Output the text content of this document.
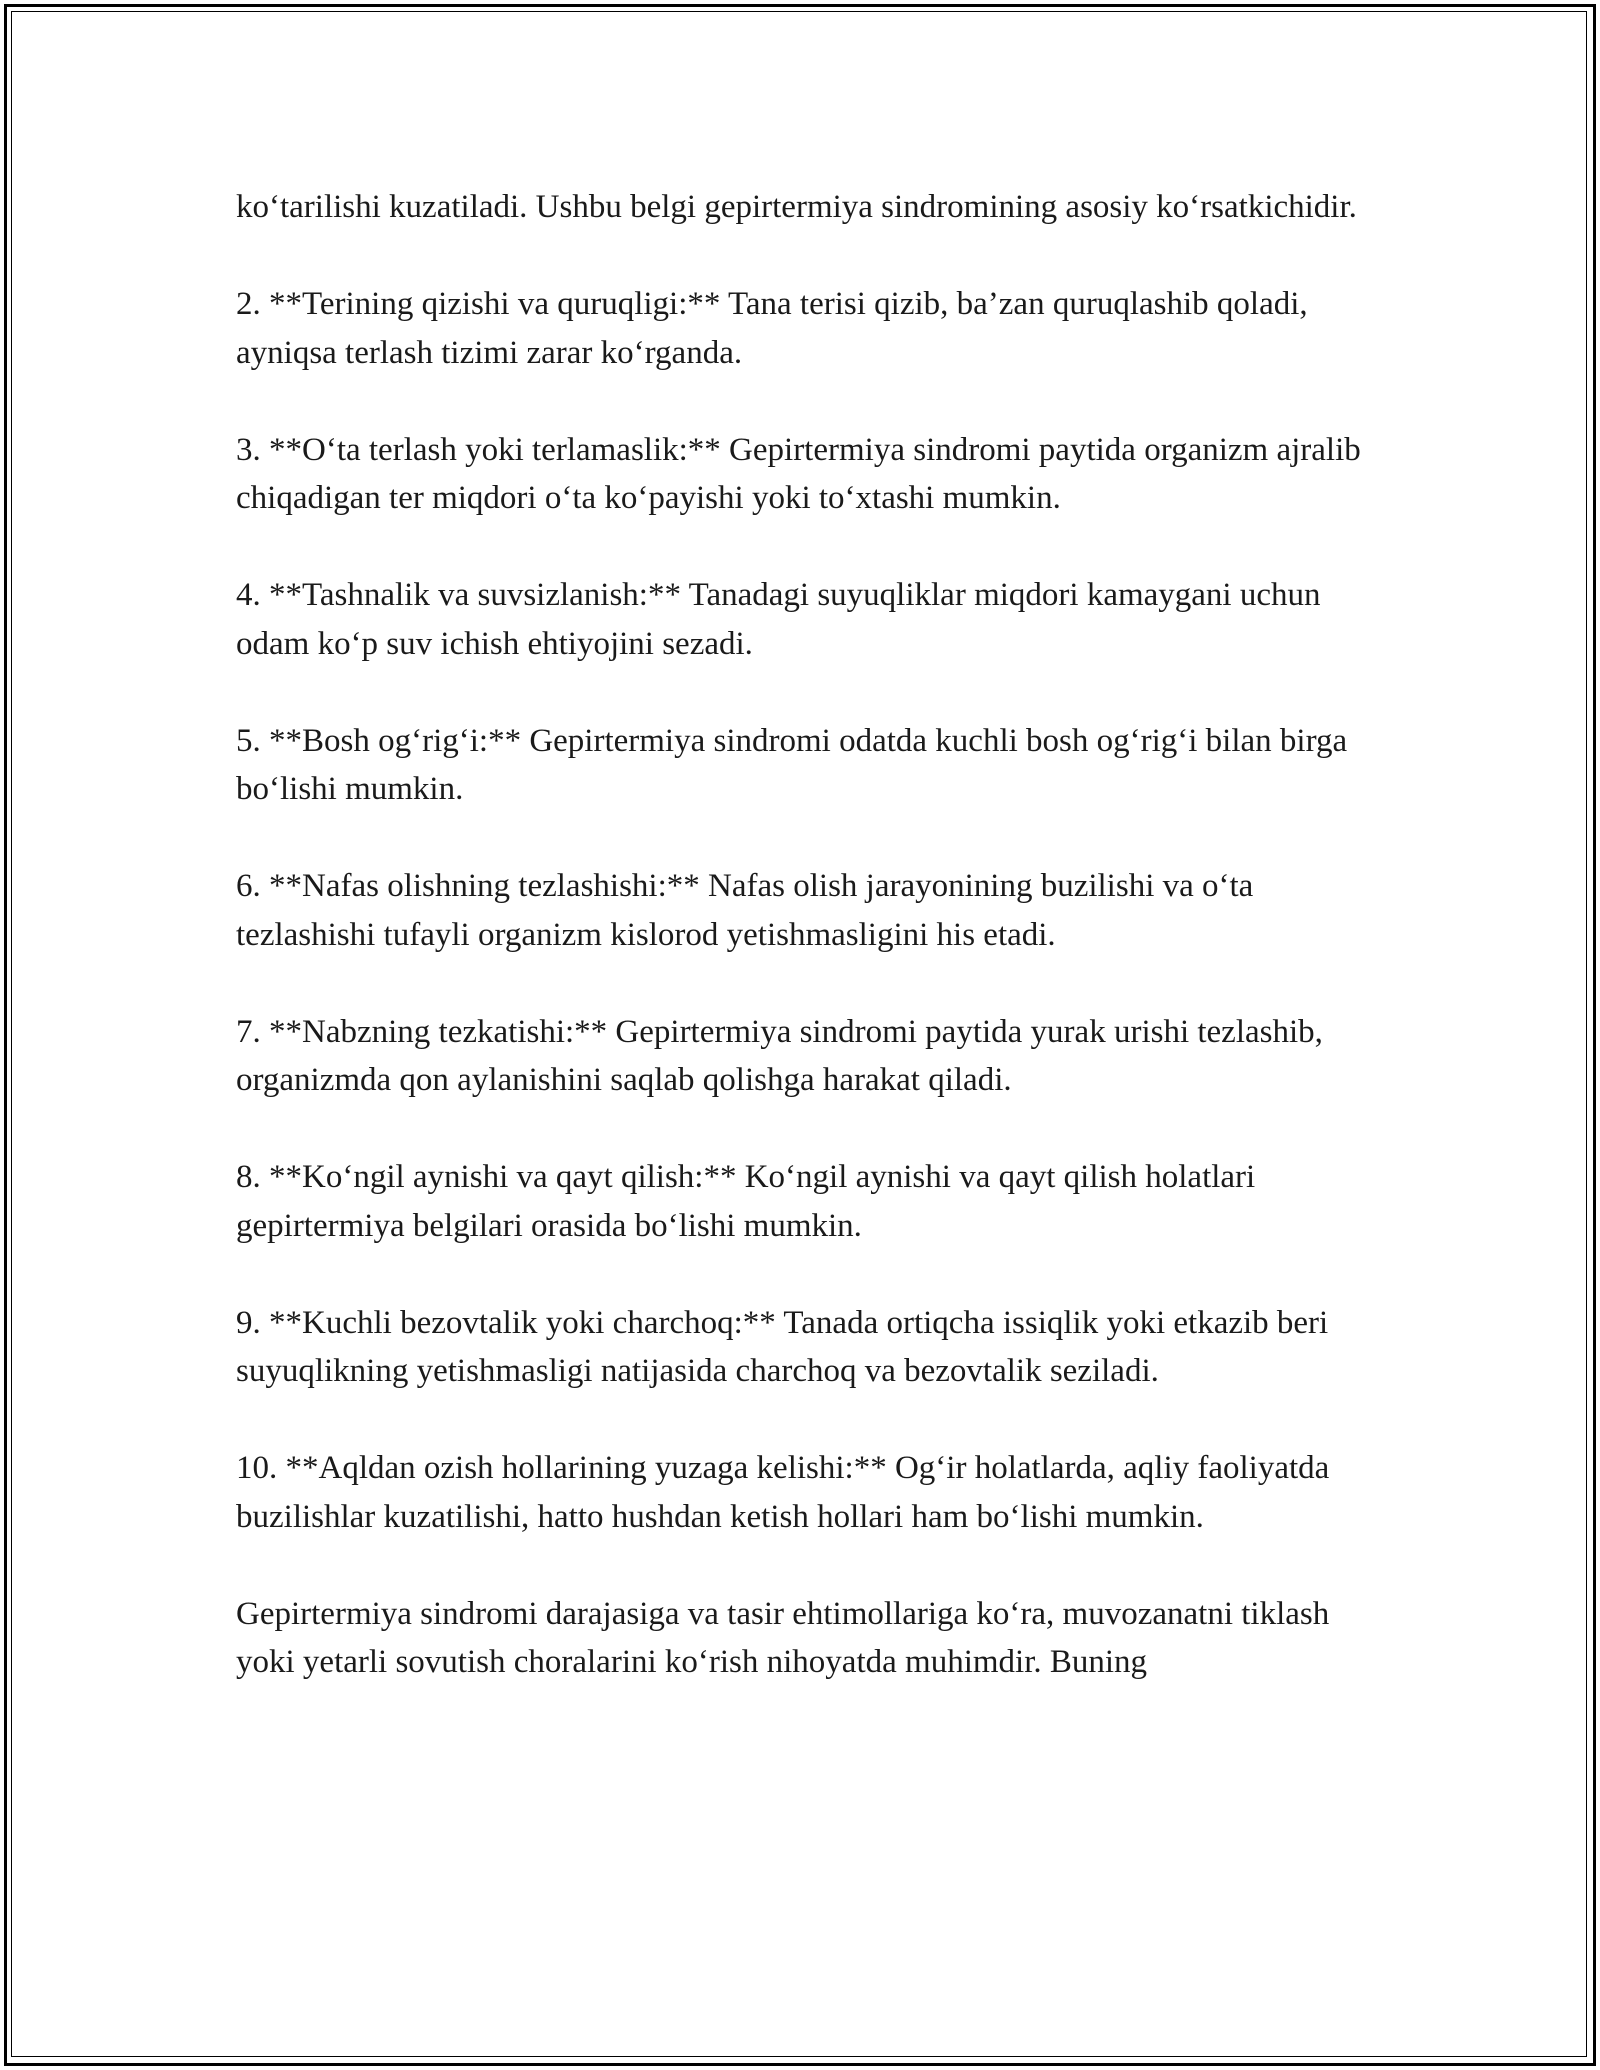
ko‘tarilishi kuzatiladi. Ushbu belgi gepirtermiya sindromining asosiy ko‘rsatkichidir.

2. **Terining qizishi va quruqligi:** Tana terisi qizib, ba’zan quruqlashib qoladi, ayniqsa terlash tizimi zarar ko‘rganda.

3. **O‘ta terlash yoki terlamaslik:** Gepirtermiya sindromi paytida organizm ajralib chiqadigan ter miqdori o‘ta ko‘payishi yoki to‘xtashi mumkin.

4. **Tashnalik va suvsizlanish:** Tanadagi suyuqliklar miqdori kamaygani uchun odam ko‘p suv ichish ehtiyojini sezadi.

5. **Bosh og‘rig‘i:** Gepirtermiya sindromi odatda kuchli bosh og‘rig‘i bilan birga bo‘lishi mumkin.

6. **Nafas olishning tezlashishi:** Nafas olish jarayonining buzilishi va o‘ta tezlashishi tufayli organizm kislorod yetishmasligini his etadi.

7. **Nabzning tezkatishi:** Gepirtermiya sindromi paytida yurak urishi tezlashib, organizmda qon aylanishini saqlab qolishga harakat qiladi.

8. **Ko‘ngil aynishi va qayt qilish:** Ko‘ngil aynishi va qayt qilish holatlari gepirtermiya belgilari orasida bo‘lishi mumkin.

9. **Kuchli bezovtalik yoki charchoq:** Tanada ortiqcha issiqlik yoki etkazib beri suyuqlikning yetishmasligi natijasida charchoq va bezovtalik seziladi.

10. **Aqldan ozish hollarining yuzaga kelishi:** Og‘ir holatlarda, aqliy faoliyatda buzilishlar kuzatilishi, hatto hushdan ketish hollari ham bo‘lishi mumkin.

Gepirtermiya sindromi darajasiga va tasir ehtimollariga ko‘ra, muvozanatni tiklash yoki yetarli sovutish choralarini ko‘rish nihoyatda muhimdir. Buning
